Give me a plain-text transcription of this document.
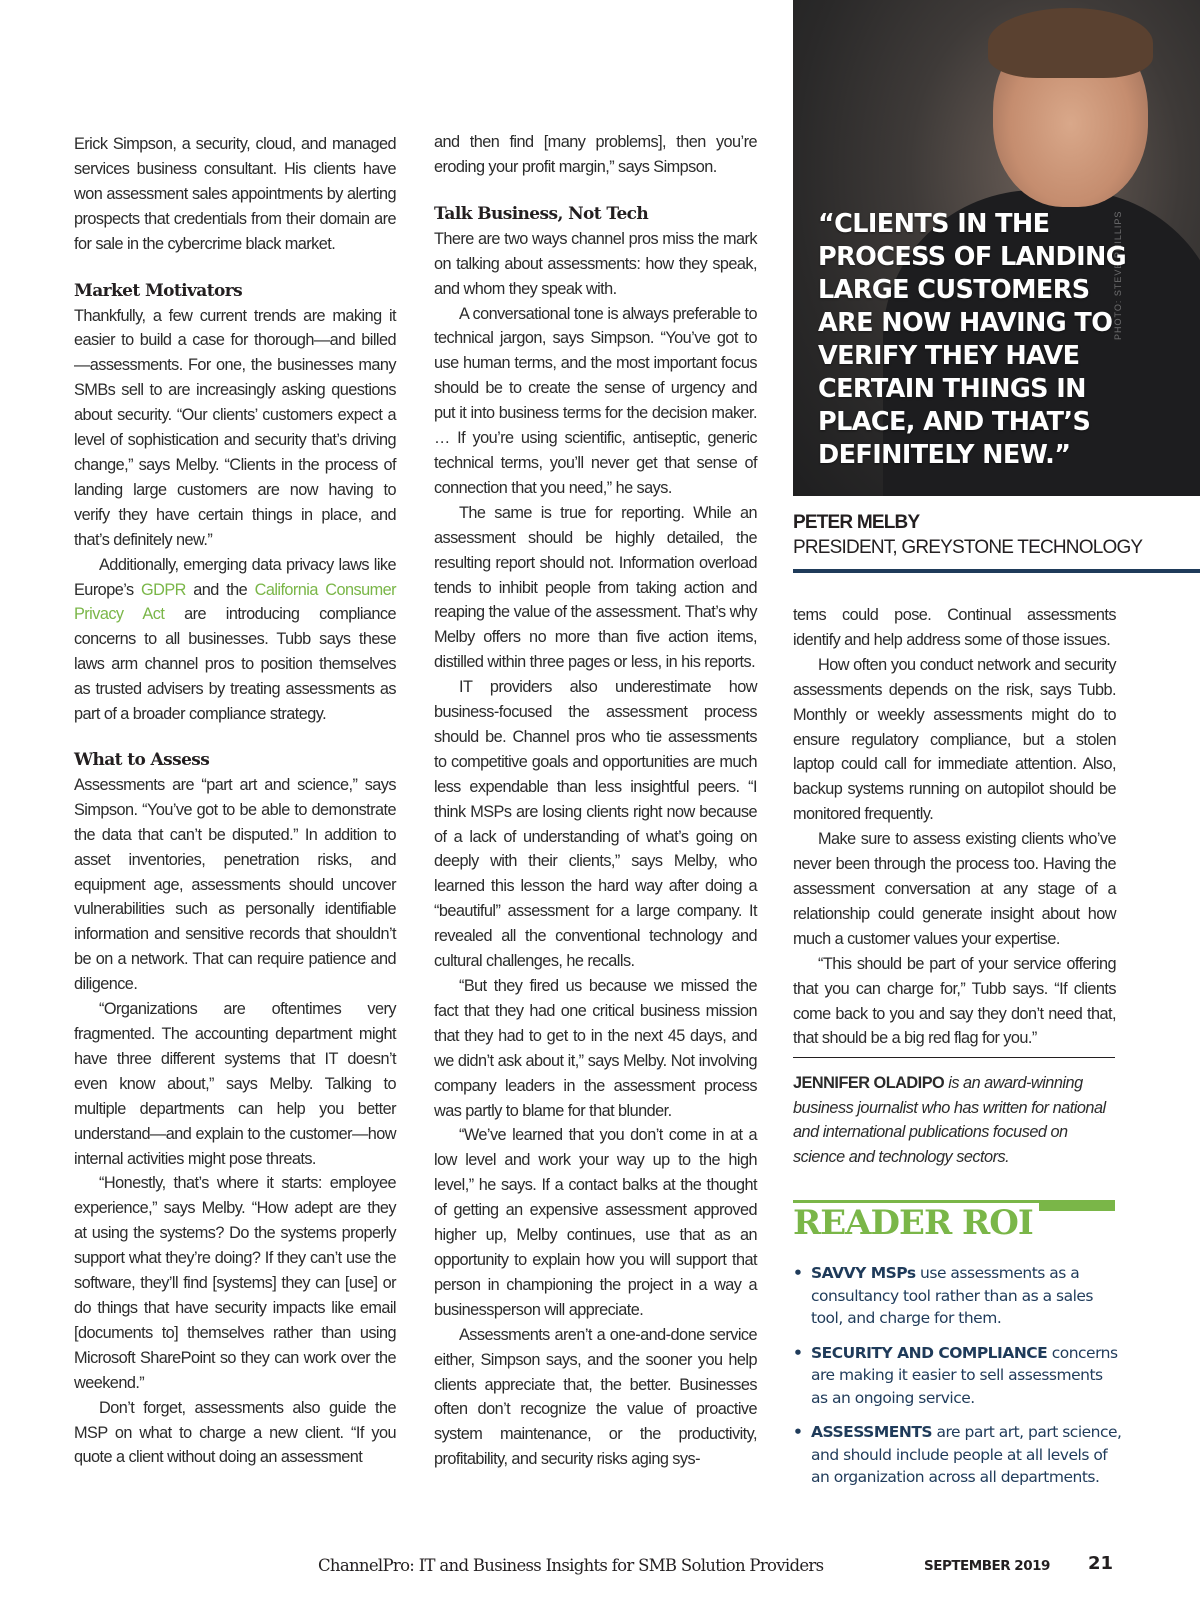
Erick Simpson, a security, cloud, and managed services business consultant. His clients have won assessment sales appointments by alerting prospects that credentials from their domain are for sale in the cybercrime black market.

Market Motivators

Thankfully, a few current trends are making it easier to build a case for thorough—and billed—assessments. For one, the businesses many SMBs sell to are increasingly asking questions about security. “Our clients’ customers expect a level of sophistication and security that’s driving change,” says Melby. “Clients in the process of landing large customers are now having to verify they have certain things in place, and that’s definitely new.”

Additionally, emerging data privacy laws like Europe’s GDPR and the California Consumer Privacy Act are introducing compliance concerns to all businesses. Tubb says these laws arm channel pros to position themselves as trusted advisers by treating assessments as part of a broader compliance strategy.

What to Assess

Assessments are “part art and science,” says Simpson. “You’ve got to be able to demonstrate the data that can’t be disputed.” In addition to asset inventories, penetration risks, and equipment age, assessments should uncover vulnerabilities such as personally identifiable information and sensitive records that shouldn’t be on a network. That can require patience and diligence.

“Organizations are oftentimes very fragmented. The accounting department might have three different systems that IT doesn’t even know about,” says Melby. Talking to multiple departments can help you better understand—and explain to the customer—how internal activities might pose threats.

“Honestly, that’s where it starts: employee experience,” says Melby. “How adept are they at using the systems? Do the systems properly support what they’re doing? If they can’t use the software, they’ll find [systems] they can [use] or do things that have security impacts like email [documents to] themselves rather than using Microsoft SharePoint so they can work over the weekend.”

Don’t forget, assessments also guide the MSP on what to charge a new client. “If you quote a client without doing an assessment

and then find [many problems], then you’re eroding your profit margin,” says Simpson.

Talk Business, Not Tech

There are two ways channel pros miss the mark on talking about assessments: how they speak, and whom they speak with.

A conversational tone is always preferable to technical jargon, says Simpson. “You’ve got to use human terms, and the most important focus should be to create the sense of urgency and put it into business terms for the decision maker. … If you’re using scientific, antiseptic, generic technical terms, you’ll never get that sense of connection that you need,” he says.

The same is true for reporting. While an assessment should be highly detailed, the resulting report should not. Information overload tends to inhibit people from taking action and reaping the value of the assessment. That’s why Melby offers no more than five action items, distilled within three pages or less, in his reports.

IT providers also underestimate how business-focused the assessment process should be. Channel pros who tie assessments to competitive goals and opportunities are much less expendable than less insightful peers. “I think MSPs are losing clients right now because of a lack of understanding of what’s going on deeply with their clients,” says Melby, who learned this lesson the hard way after doing a “beautiful” assessment for a large company. It revealed all the conventional technology and cultural challenges, he recalls.

“But they fired us because we missed the fact that they had one critical business mission that they had to get to in the next 45 days, and we didn’t ask about it,” says Melby. Not involving company leaders in the assessment process was partly to blame for that blunder.

“We’ve learned that you don’t come in at a low level and work your way up to the high level,” he says. If a contact balks at the thought of getting an expensive assessment approved higher up, Melby continues, use that as an opportunity to explain how you will support that person in championing the project in a way a businessperson will appreciate.

Assessments aren’t a one-and-done service either, Simpson says, and the sooner you help clients appreciate that, the better. Businesses often don’t recognize the value of proactive system maintenance, or the productivity, profitability, and security risks aging sys-

PHOTO: STEVE PHILLIPS
“CLIENTS IN THE
PROCESS OF LANDING
LARGE CUSTOMERS
ARE NOW HAVING TO
VERIFY THEY HAVE
CERTAIN THINGS IN
PLACE, AND THAT’S
DEFINITELY NEW.”
PETER MELBY
PRESIDENT, GREYSTONE TECHNOLOGY

tems could pose. Continual assessments identify and help address some of those issues.

How often you conduct network and security assessments depends on the risk, says Tubb. Monthly or weekly assessments might do to ensure regulatory compliance, but a stolen laptop could call for immediate attention. Also, backup systems running on autopilot should be monitored frequently.

Make sure to assess existing clients who’ve never been through the process too. Having the assessment conversation at any stage of a relationship could generate insight about how much a customer values your expertise.

“This should be part of your service offering that you can charge for,” Tubb says. “If clients come back to you and say they don’t need that, that should be a big red flag for you.”

JENNIFER OLADIPO is an award-winning business journalist who has written for national and international publications focused on science and technology sectors.
READER ROI
• SAVVY MSPs use assessments as a consultancy tool rather than as a sales tool, and charge for them.
• SECURITY AND COMPLIANCE concerns are making it easier to sell assessments as an ongoing service.
• ASSESSMENTS are part art, part science, and should include people at all levels of an organization across all departments.
ChannelPro: IT and Business Insights for SMB Solution Providers	SEPTEMBER 2019 21
